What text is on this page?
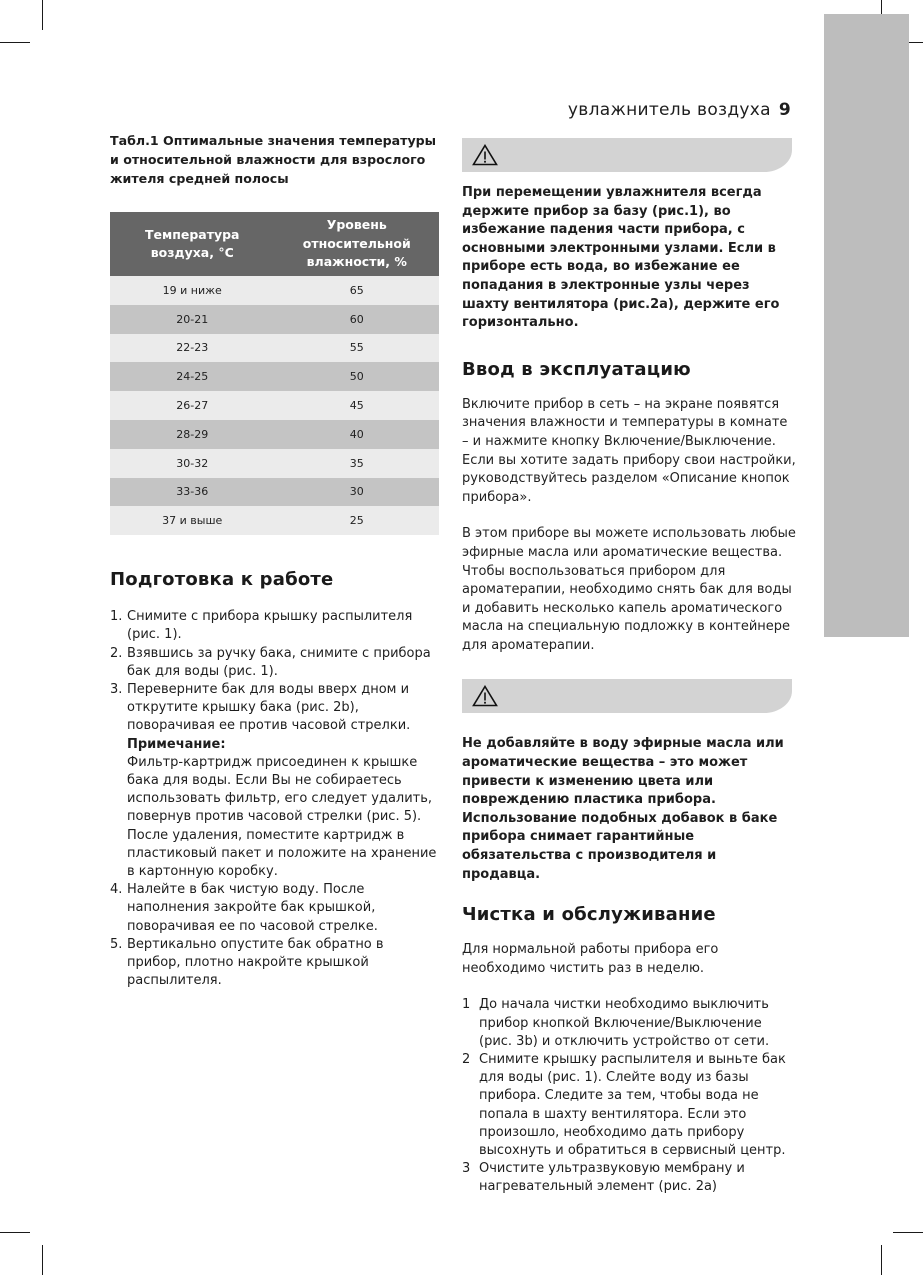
увлажнитель воздуха 9

Табл.1 Оптимальные значения температуры и относительной влажности для взрослого жителя средней полосы

Температура воздуха, °C	Уровень относительной влажности, %
19 и ниже	65
20-21	60
22-23	55
24-25	50
26-27	45
28-29	40
30-32	35
33-36	30
37 и выше	25
Подготовка к работе
1. Снимите с прибора крышку распылителя (рис. 1).
2. Взявшись за ручку бака, снимите с прибора бак для воды (рис. 1).
3. Переверните бак для воды вверх дном и открутите крышку бака (рис. 2b), поворачивая ее против часовой стрелки.
Примечание:
Фильтр-картридж присоединен к крышке бака для воды. Если Вы не собираетесь использовать фильтр, его следует удалить, повернув против часовой стрелки (рис. 5). После удаления, поместите картридж в пластиковый пакет и положите на хранение в картонную коробку.
4. Налейте в бак чистую воду. После наполнения закройте бак крышкой, поворачивая ее по часовой стрелке.
5. Вертикально опустите бак обратно в прибор, плотно накройте крышкой распылителя.

При перемещении увлажнителя всегда держите прибор за базу (рис.1), во избежание падения части прибора, с основными электронными узлами. Если в приборе есть вода, во избежание ее попадания в электронные узлы через шахту вентилятора (рис.2а), держите его горизонтально.

Ввод в эксплуатацию

Включите прибор в сеть – на экране появятся значения влажности и температуры в комнате – и нажмите кнопку Включение/Выключение. Если вы хотите задать прибору свои настройки, руководствуйтесь разделом «Описание кнопок прибора».

В этом приборе вы можете использовать любые эфирные масла или ароматические вещества. Чтобы воспользоваться прибором для ароматерапии, необходимо снять бак для воды и добавить несколько капель ароматического масла на специальную подложку в контейнере для ароматерапии.

Не добавляйте в воду эфирные масла или ароматические вещества – это может привести к изменению цвета или повреждению пластика прибора. Использование подобных добавок в баке прибора снимает гарантийные обязательства с производителя и продавца.

Чистка и обслуживание

Для нормальной работы прибора его необходимо чистить раз в неделю.

1 До начала чистки необходимо выключить прибор кнопкой Включение/Выключение (рис. 3b) и отключить устройство от сети.
2 Снимите крышку распылителя и выньте бак для воды (рис. 1). Слейте воду из базы прибора. Следите за тем, чтобы вода не попала в шахту вентилятора. Если это произошло, необходимо дать прибору высохнуть и обратиться в сервисный центр.
3 Очистите ультразвуковую мембрану и нагревательный элемент (рис. 2а)
